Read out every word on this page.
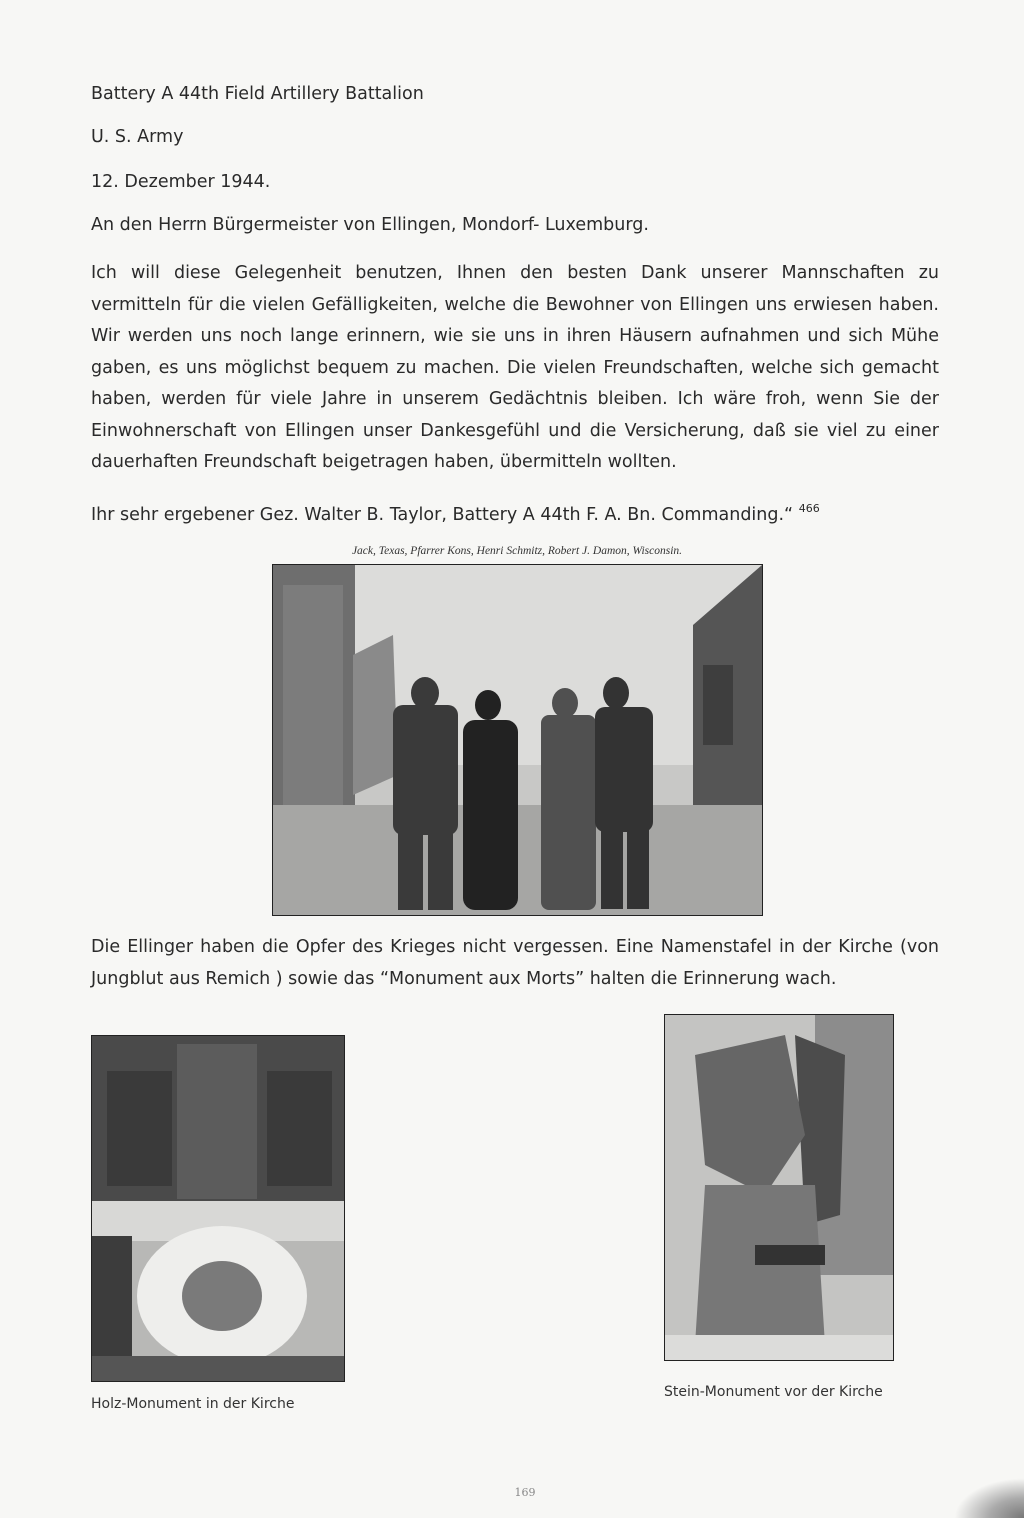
Battery A 44th Field Artillery Battalion
U. S. Army
12. Dezember 1944.
An den Herrn Bürgermeister von Ellingen, Mondorf- Luxemburg.
Ich will diese Gelegenheit benutzen, Ihnen den besten Dank unserer Mannschaften zu vermitteln für die vielen Gefälligkeiten, welche die Bewohner von Ellingen uns erwiesen haben. Wir werden uns noch lange erinnern, wie sie uns in ihren Häusern aufnahmen und sich Mühe gaben, es uns möglichst bequem zu machen. Die vielen Freundschaften, welche sich gemacht haben, werden für viele Jahre in unserem Gedächtnis bleiben. Ich wäre froh, wenn Sie der Einwohnerschaft von Ellingen unser Dankesgefühl und die Versicherung, daß sie viel zu einer dauerhaften Freundschaft beigetragen haben, übermitteln wollten.
Ihr sehr ergebener Gez. Walter B. Taylor, Battery A 44th F. A. Bn. Commanding.“ $^{466}$
Jack, Texas, Pfarrer Kons, Henri Schmitz, Robert J. Damon, Wisconsin.
Die Ellinger haben die Opfer des Krieges nicht vergessen. Eine Namenstafel in der Kirche (von Jungblut aus Remich ) sowie das “Monument aux Morts” halten die Erinnerung wach.
Holz-Monument in der Kirche
Stein-Monument vor der Kirche
169
